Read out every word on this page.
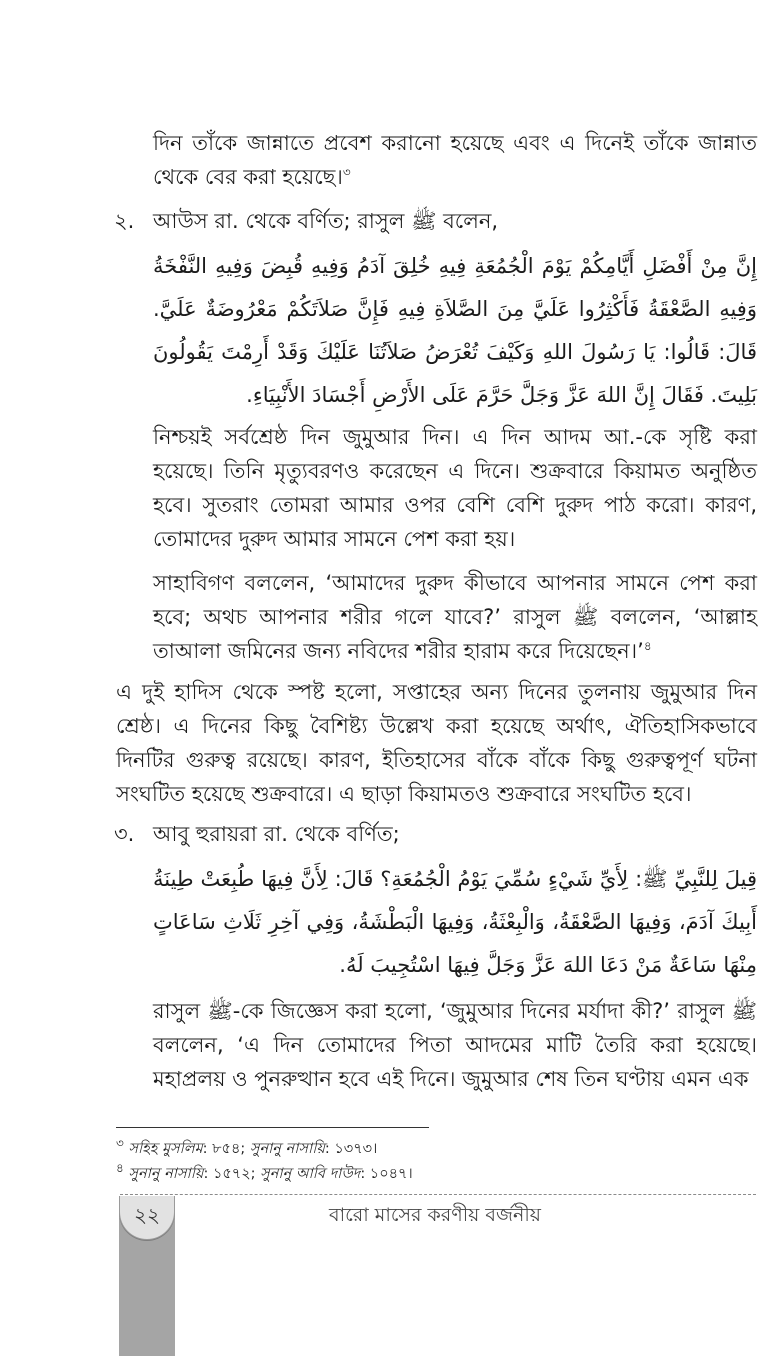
দিন তাঁকে জান্নাতে প্রবেশ করানো হয়েছে এবং এ দিনেই তাঁকে জান্নাত থেকে বের করা হয়েছে।$^৩$
২. আউস রা. থেকে বর্ণিত; রাসুল ﷺ বলেন,
إِنَّ مِنْ أَفْضَلِ أَيَّامِكُمْ يَوْمَ الْجُمُعَةِ فِيهِ خُلِقَ آدَمُ وَفِيهِ قُبِضَ وَفِيهِ النَّفْخَةُ وَفِيهِ الصَّعْقَةُ فَأَكْثِرُوا عَلَيَّ مِنَ الصَّلاَةِ فِيهِ فَإِنَّ صَلاَتَكُمْ مَعْرُوضَةٌ عَلَيَّ. قَالَ: قَالُوا: يَا رَسُولَ اللهِ وَكَيْفَ تُعْرَضُ صَلاَتُنَا عَلَيْكَ وَقَدْ أَرِمْتَ يَقُولُونَ بَلِيتَ. فَقَالَ إِنَّ اللهَ عَزَّ وَجَلَّ حَرَّمَ عَلَى الأَرْضِ أَجْسَادَ الأَنْبِيَاءِ.
নিশ্চয়ই সর্বশ্রেষ্ঠ দিন জুমুআর দিন। এ দিন আদম আ.-কে সৃষ্টি করা হয়েছে। তিনি মৃত্যুবরণও করেছেন এ দিনে। শুক্রবারে কিয়ামত অনুষ্ঠিত হবে। সুতরাং তোমরা আমার ওপর বেশি বেশি দুরুদ পাঠ করো। কারণ, তোমাদের দুরুদ আমার সামনে পেশ করা হয়।
সাহাবিগণ বললেন, ‘আমাদের দুরুদ কীভাবে আপনার সামনে পেশ করা হবে; অথচ আপনার শরীর গলে যাবে?’ রাসুল ﷺ বললেন, ‘আল্লাহ তাআলা জমিনের জন্য নবিদের শরীর হারাম করে দিয়েছেন।’$^৪$
এ দুই হাদিস থেকে স্পষ্ট হলো, সপ্তাহের অন্য দিনের তুলনায় জুমুআর দিন শ্রেষ্ঠ। এ দিনের কিছু বৈশিষ্ট্য উল্লেখ করা হয়েছে অর্থাৎ, ঐতিহাসিকভাবে দিনটির গুরুত্ব রয়েছে। কারণ, ইতিহাসের বাঁকে বাঁকে কিছু গুরুত্বপূর্ণ ঘটনা সংঘটিত হয়েছে শুক্রবারে। এ ছাড়া কিয়ামতও শুক্রবারে সংঘটিত হবে।
৩. আবু হুরায়রা রা. থেকে বর্ণিত;
قِيلَ لِلنَّبِيِّ ﷺ: لِأَيِّ شَيْءٍ سُمِّيَ يَوْمُ الْجُمُعَةِ؟ قَالَ: لِأَنَّ فِيهَا طُبِعَتْ طِينَةُ أَبِيكَ آدَمَ، وَفِيهَا الصَّعْقَةُ، وَالْبِعْثَةُ، وَفِيهَا الْبَطْشَةُ، وَفِي آخِرِ ثَلَاثِ سَاعَاتٍ مِنْهَا سَاعَةٌ مَنْ دَعَا اللهَ عَزَّ وَجَلَّ فِيهَا اسْتُجِيبَ لَهُ.
রাসুল ﷺ-কে জিজ্ঞেস করা হলো, ‘জুমুআর দিনের মর্যাদা কী?’ রাসুল ﷺ বললেন, ‘এ দিন তোমাদের পিতা আদমের মাটি তৈরি করা হয়েছে। মহাপ্রলয় ও পুনরুত্থান হবে এই দিনে। জুমুআর শেষ তিন ঘণ্টায় এমন এক
$^৩$ সহিহ মুসলিম: ৮৫৪; সুনানু নাসায়ি: ১৩৭৩।
$^৪$ সুনানু নাসায়ি: ১৫৭২; সুনানু আবি দাউদ: ১০৪৭।
২২	বারো মাসের করণীয় বর্জনীয়
